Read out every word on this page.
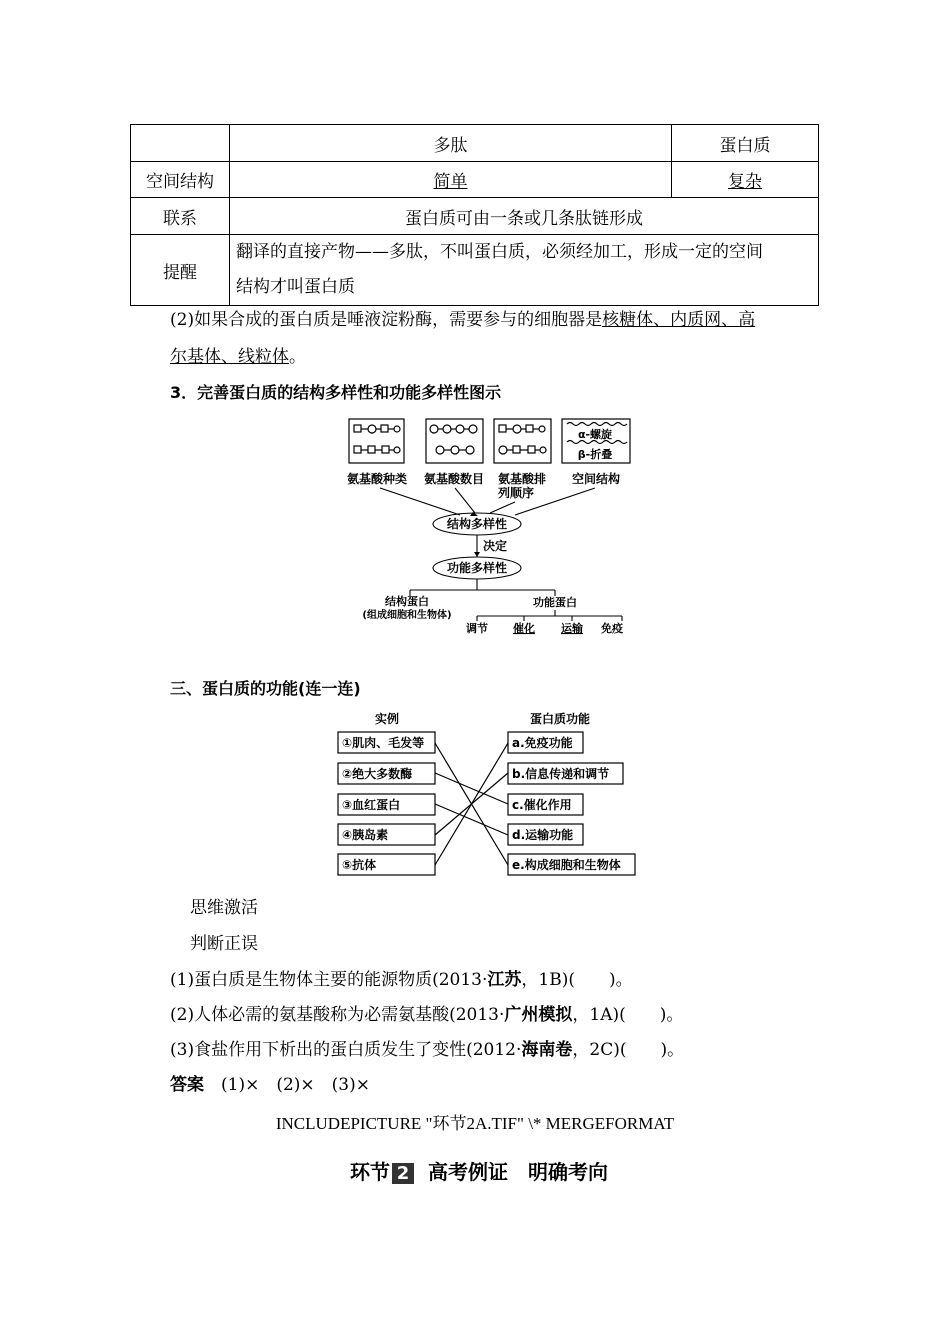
	多肽	蛋白质
空间结构	简单	复杂
联系	蛋白质可由一条或几条肽链形成	
提醒	翻译的直接产物——多肽，不叫蛋白质，必须经加工，形成一定的空间
结构才叫蛋白质	
(2)如果合成的蛋白质是唾液淀粉酶，需要参与的细胞器是核糖体、内质网、高
尔基体、线粒体。
3．完善蛋白质的结构多样性和功能多样性图示
α-螺旋
β-折叠
氨基酸种类 氨基酸数目 氨基酸排
列顺序
空间结构
结构多样性
决定
功能多样性
结构蛋白
(组成细胞和生物体)
功能蛋白
调节 催化 运输 免疫
三、蛋白质的功能(连一连)
实例	蛋白质功能
①肌肉、毛发等
②绝大多数酶
③血红蛋白
④胰岛素
⑤抗体
a.免疫功能
b.信息传递和调节
c.催化作用
d.运输功能
e.构成细胞和生物体
思维激活
判断正误
(1)蛋白质是生物体主要的能源物质(2013·江苏，1B)(　　)。
(2)人体必需的氨基酸称为必需氨基酸(2013·广州模拟，1A)(　　)。
(3)食盐作用下析出的蛋白质发生了变性(2012·海南卷，2C)(　　)。
答案　 (1)×　(2)×　(3)×
INCLUDEPICTURE "环节2A.TIF" \* MERGEFORMAT
环节 2 高考例证　明确考向
